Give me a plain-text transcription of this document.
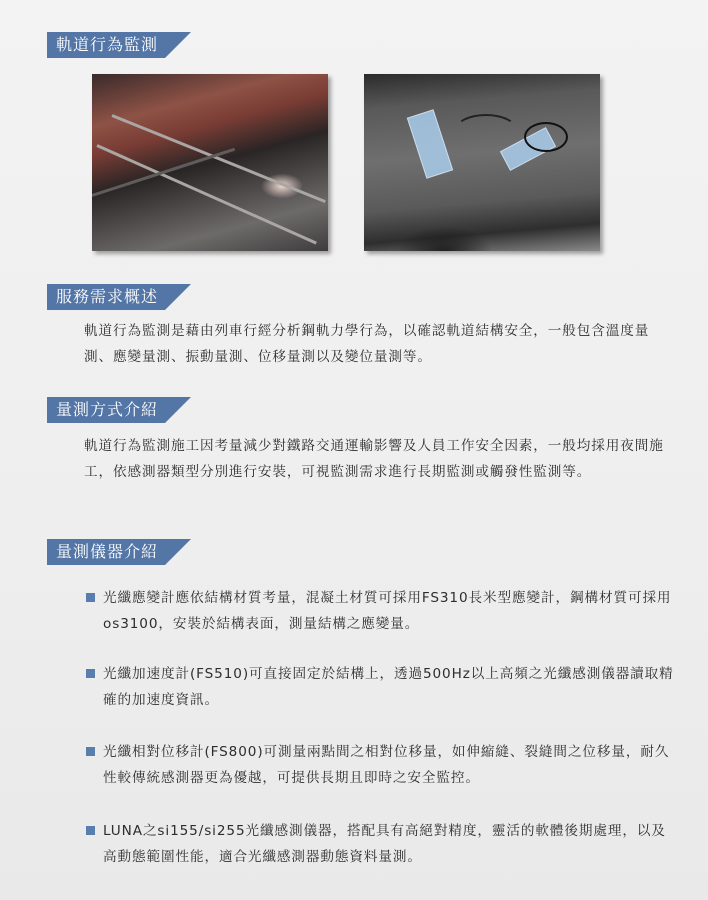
軌道行為監測
服務需求概述

軌道行為監測是藉由列車行經分析鋼軌力學行為，以確認軌道結構安全，一般包含溫度量測、應變量測、振動量測、位移量測以及變位量測等。

量測方式介紹

軌道行為監測施工因考量減少對鐵路交通運輸影響及人員工作安全因素，一般均採用夜間施工，依感測器類型分別進行安裝，可視監測需求進行長期監測或觸發性監測等。

量測儀器介紹

光纖應變計應依結構材質考量，混凝土材質可採用FS310長米型應變計，鋼構材質可採用os3100，安裝於結構表面，測量結構之應變量。

光纖加速度計(FS510)可直接固定於結構上，透過500Hz以上高頻之光纖感測儀器讀取精確的加速度資訊。

光纖相對位移計(FS800)可測量兩點間之相對位移量，如伸縮縫、裂縫間之位移量，耐久性較傳統感測器更為優越，可提供長期且即時之安全監控。

LUNA之si155/si255光纖感測儀器，搭配具有高絕對精度，靈活的軟體後期處理，以及高動態範圍性能，適合光纖感測器動態資料量測。
